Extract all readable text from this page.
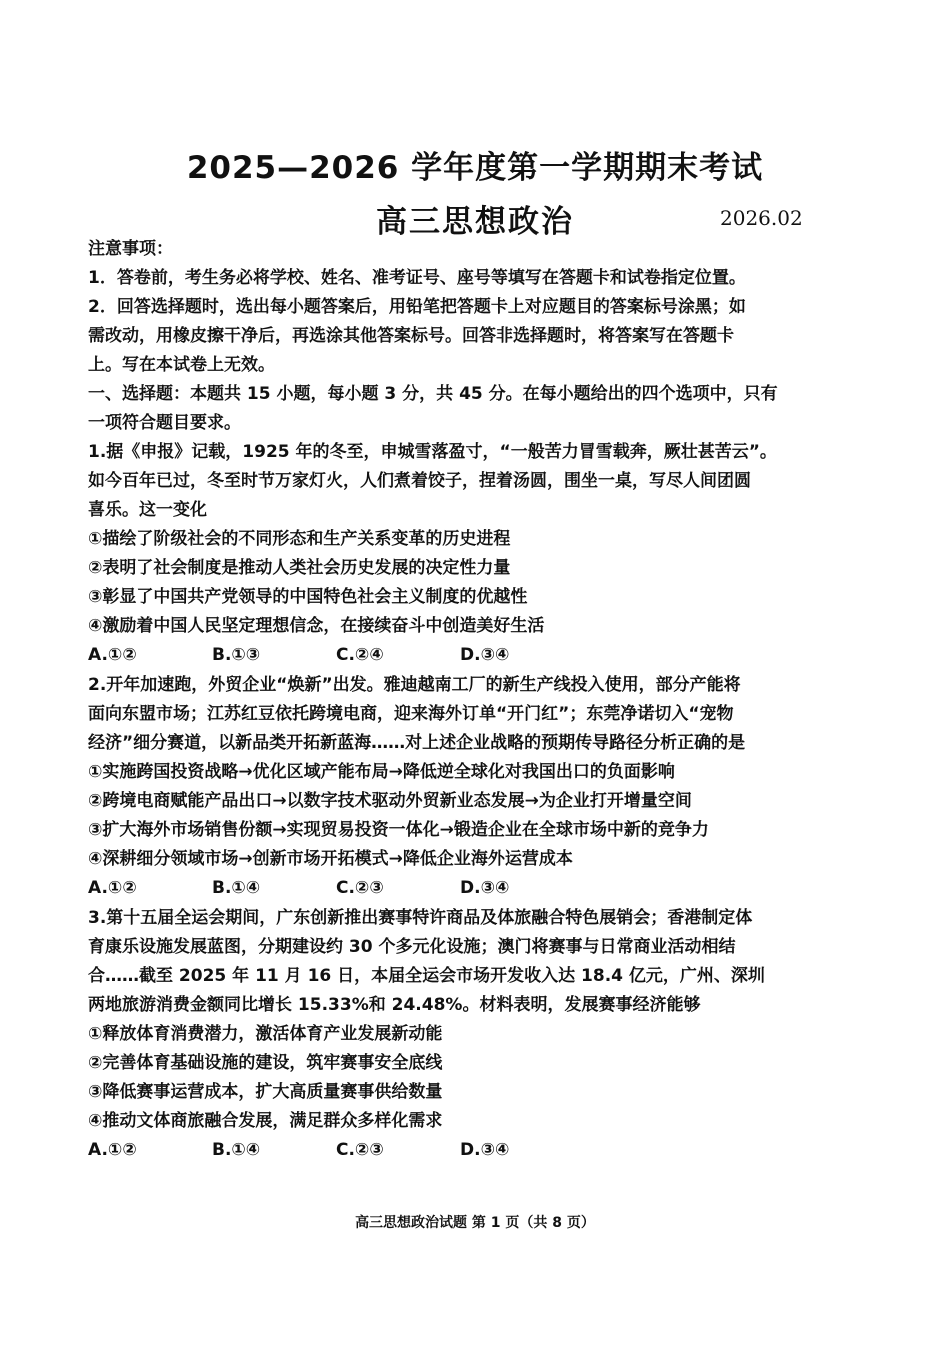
2025—2026 学年度第一学期期末考试
高三思想政治	2026.02
注意事项：
1．答卷前，考生务必将学校、姓名、准考证号、座号等填写在答题卡和试卷指定位置。
2．回答选择题时，选出每小题答案后，用铅笔把答题卡上对应题目的答案标号涂黑；如
需改动，用橡皮擦干净后，再选涂其他答案标号。回答非选择题时，将答案写在答题卡
上。写在本试卷上无效。
一、选择题：本题共 15 小题，每小题 3 分，共 45 分。在每小题给出的四个选项中，只有
一项符合题目要求。
1.据《申报》记载，1925 年的冬至，申城雪落盈寸，“一般苦力冒雪载奔，厥壮甚苦云”。
如今百年已过，冬至时节万家灯火，人们煮着饺子，捏着汤圆，围坐一桌，写尽人间团圆
喜乐。这一变化
①描绘了阶级社会的不同形态和生产关系变革的历史进程
②表明了社会制度是推动人类社会历史发展的决定性力量
③彰显了中国共产党领导的中国特色社会主义制度的优越性
④激励着中国人民坚定理想信念，在接续奋斗中创造美好生活
A.①②	B.①③	C.②④	D.③④
2.开年加速跑，外贸企业“焕新”出发。雅迪越南工厂的新生产线投入使用，部分产能将
面向东盟市场；江苏红豆依托跨境电商，迎来海外订单“开门红”；东莞净诺切入“宠物
经济”细分赛道，以新品类开拓新蓝海……对上述企业战略的预期传导路径分析正确的是
①实施跨国投资战略→优化区域产能布局→降低逆全球化对我国出口的负面影响
②跨境电商赋能产品出口→以数字技术驱动外贸新业态发展→为企业打开增量空间
③扩大海外市场销售份额→实现贸易投资一体化→锻造企业在全球市场中新的竞争力
④深耕细分领域市场→创新市场开拓模式→降低企业海外运营成本
A.①②	B.①④	C.②③	D.③④
3.第十五届全运会期间，广东创新推出赛事特许商品及体旅融合特色展销会；香港制定体
育康乐设施发展蓝图，分期建设约 30 个多元化设施；澳门将赛事与日常商业活动相结
合……截至 2025 年 11 月 16 日，本届全运会市场开发收入达 18.4 亿元，广州、深圳
两地旅游消费金额同比增长 15.33%和 24.48%。材料表明，发展赛事经济能够
①释放体育消费潜力，激活体育产业发展新动能
②完善体育基础设施的建设，筑牢赛事安全底线
③降低赛事运营成本，扩大高质量赛事供给数量
④推动文体商旅融合发展，满足群众多样化需求
A.①②	B.①④	C.②③	D.③④
高三思想政治试题 第 1 页（共 8 页）
